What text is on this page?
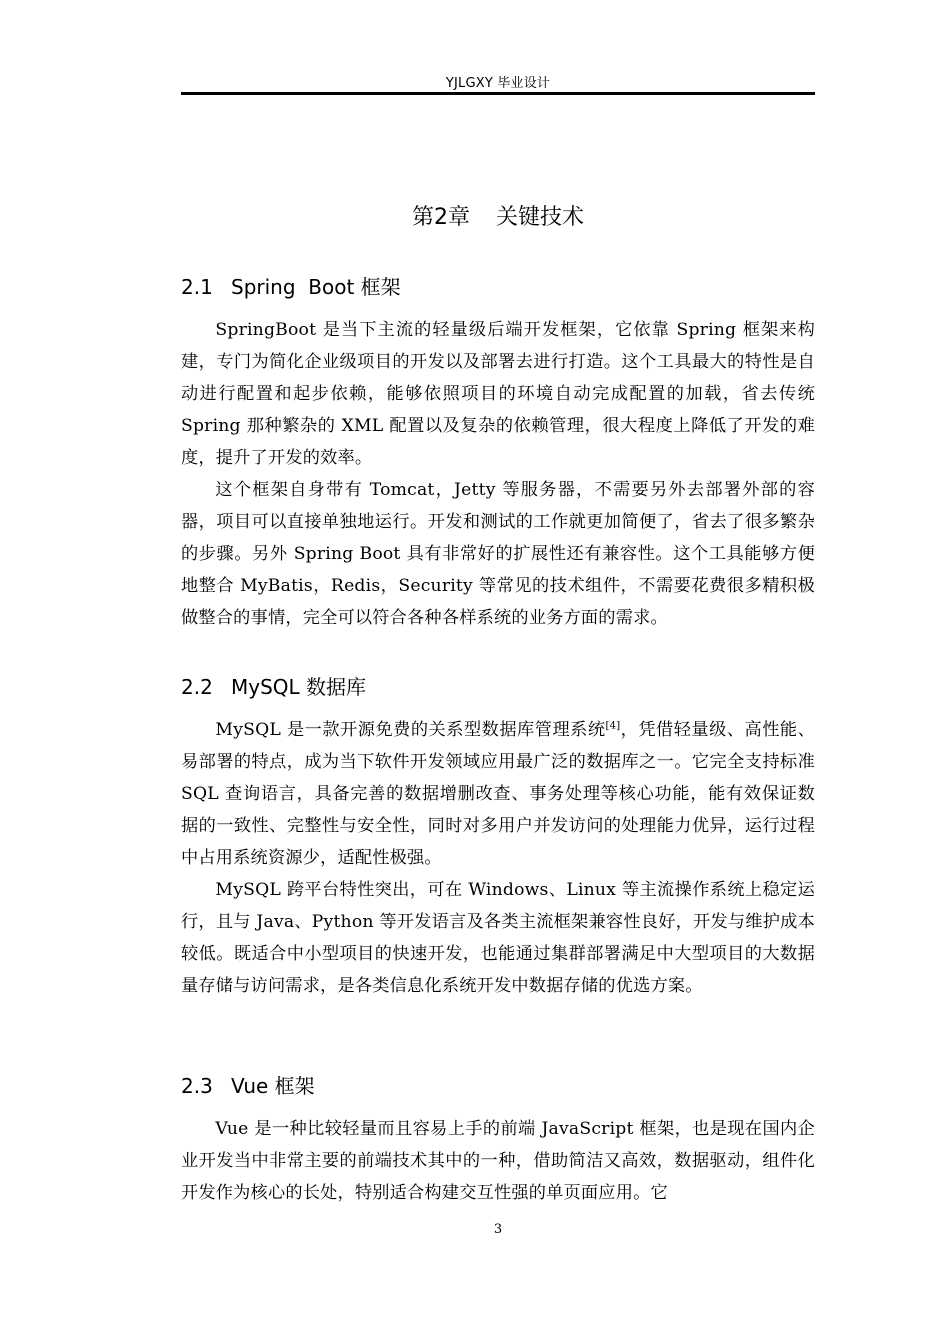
YJLGXY 毕业设计
第2章 关键技术
2.1 Spring  Boot 框架

SpringBoot 是当下主流的轻量级后端开发框架，它依靠 Spring 框架来构建，专门为简化企业级项目的开发以及部署去进行打造。这个工具最大的特性是自动进行配置和起步依赖，能够依照项目的环境自动完成配置的加载，省去传统 Spring 那种繁杂的 XML 配置以及复杂的依赖管理，很大程度上降低了开发的难度，提升了开发的效率。

这个框架自身带有 Tomcat，Jetty 等服务器，不需要另外去部署外部的容器，项目可以直接单独地运行。开发和测试的工作就更加简便了，省去了很多繁杂的步骤。另外 Spring Boot 具有非常好的扩展性还有兼容性。这个工具能够方便地整合 MyBatis，Redis，Security 等常见的技术组件，不需要花费很多精积极做整合的事情，完全可以符合各种各样系统的业务方面的需求。

2.2 MySQL 数据库

MySQL 是一款开源免费的关系型数据库管理系统[4]，凭借轻量级、高性能、易部署的特点，成为当下软件开发领域应用最广泛的数据库之一。它完全支持标准 SQL 查询语言，具备完善的数据增删改查、事务处理等核心功能，能有效保证数据的一致性、完整性与安全性，同时对多用户并发访问的处理能力优异，运行过程中占用系统资源少，适配性极强。

MySQL 跨平台特性突出，可在 Windows、Linux 等主流操作系统上稳定运行，且与 Java、Python 等开发语言及各类主流框架兼容性良好，开发与维护成本较低。既适合中小型项目的快速开发，也能通过集群部署满足中大型项目的大数据量存储与访问需求，是各类信息化系统开发中数据存储的优选方案。

2.3 Vue 框架

Vue 是一种比较轻量而且容易上手的前端 JavaScript 框架，也是现在国内企业开发当中非常主要的前端技术其中的一种，借助简洁又高效，数据驱动，组件化开发作为核心的长处，特别适合构建交互性强的单页面应用。它

3
